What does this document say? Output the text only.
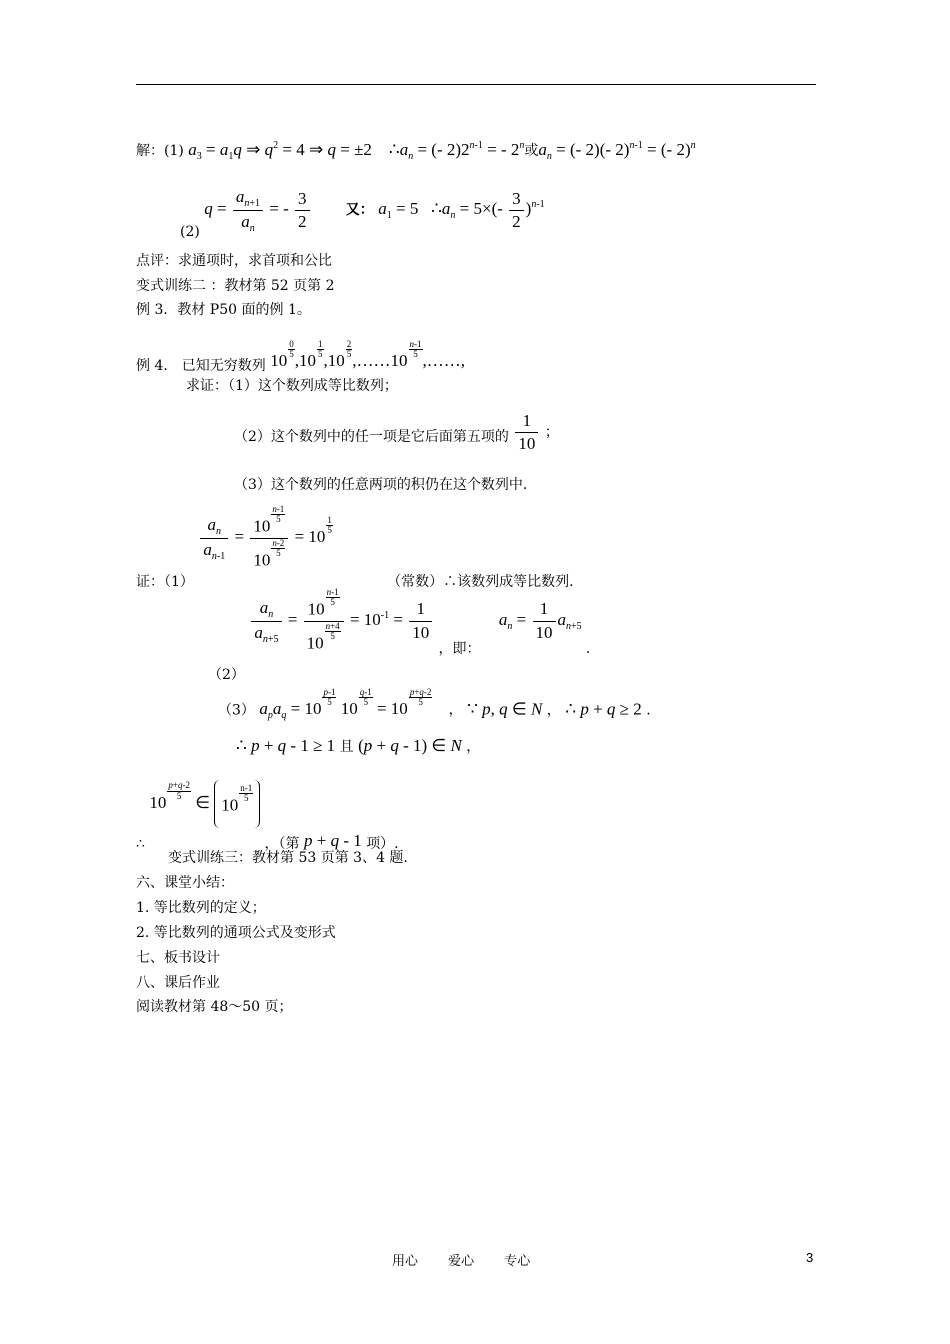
解：(1) $a_3 = a_1q$ ⇒ $q^2 = 4$ ⇒ q = ±2    $\therefore a_n$ = (- $2)2^{n-1}$ = - 2$^n$或$a_n$ = (- 2)(- 2)$^{n-1}$ = (- 2)$^n$
(2) $q = \frac{a_{n+1}}{a_n}$ = - $\frac{3}{2}$	又： $a_1 = 5$   $\therefore a_n = 5\times(- \frac{3}{2} )^{n-1}$
点评：求通项时，求首项和公比
变式训练二 ：教材第 52 页第 2
例 3．教材 P50 面的例 1。
例 4． 已知无穷数列 10
$\frac{0}{5}$
,10
$\frac{1}{5}$
,10
$\frac{2}{5}$
,……10
$\frac{n-1}{5}$
,……,
求证：（1）这个数列成等比数列；
（2）这个数列中的任一项是它后面第五项的 $\frac{1}{10}$ ；
（3）这个数列的任意两项的积仍在这个数列中.
证：（1）
$\frac{a_n}{a_{n-1}} = 10$
$\frac{n-1}{5}$
10
$\frac{n-2}{5} = 10$
$\frac{1}{5}$
（常数）∴该数列成等比数列.
（2）
$\frac{a_n}{a_{n+5}} = 10$
$\frac{n-1}{5}$
10
$\frac{n+4}{5} = 10^{-1} = \frac{1}{10}$
，即： $a_n = \frac{1}{10} a_{n+5}$ .
（3） $a_pa_q = 10$
$\frac{p-1}{5}$
10
$\frac{q-1}{5}$
= 10
$\frac{p+q-2}{5}$
， ∵ p, q ∈ N ， ∴ p + q ≥ 2 .
∴ p + q - 1 ≥ 1 且 (p + q - 1) ∈ N ，
∴ 10
$\frac{p+q-2}{5}$
∈ 10
$\frac{n-1}{5}$
，（第 p + q - 1 项）.
变式训练三：教材第 53 页第 3、4 题.
六、课堂小结：
1. 等比数列的定义；
2. 等比数列的通项公式及变形式
七、板书设计
八、课后作业
阅读教材第 48～50 页；
用心 爱心 专心	3
